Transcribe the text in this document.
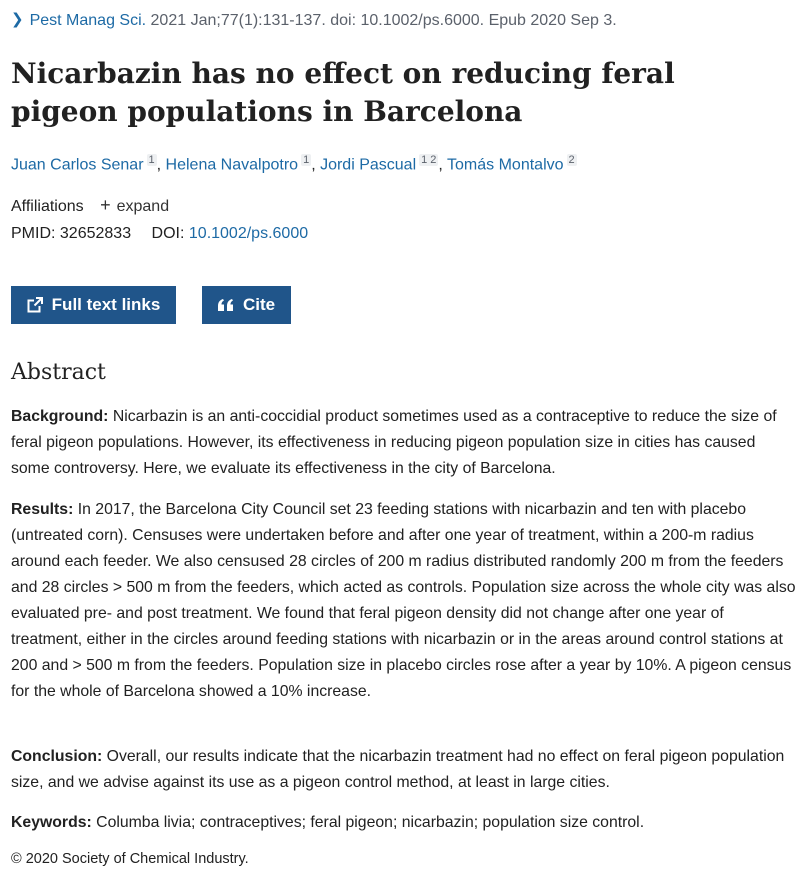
❯ Pest Manag Sci. 2021 Jan;77(1):131-137. doi: 10.1002/ps.6000. Epub 2020 Sep 3.
Nicarbazin has no effect on reducing feral pigeon populations in Barcelona
Juan Carlos Senar $^1$ , Helena Navalpotro $^1$ , Jordi Pascual $^{1 2}$ , Tomás Montalvo $^2$
Affiliations + expand
PMID: 32652833 DOI: 10.1002/ps.6000
Full text links	Cite
Abstract

Background: Nicarbazin is an anti-coccidial product sometimes used as a contraceptive to reduce the size of feral pigeon populations. However, its effectiveness in reducing pigeon population size in cities has caused some controversy. Here, we evaluate its effectiveness in the city of Barcelona.

Results: In 2017, the Barcelona City Council set 23 feeding stations with nicarbazin and ten with placebo (untreated corn). Censuses were undertaken before and after one year of treatment, within a 200-m radius around each feeder. We also censused 28 circles of 200 m radius distributed randomly 200 m from the feeders and 28 circles > 500 m from the feeders, which acted as controls. Population size across the whole city was also evaluated pre- and post treatment. We found that feral pigeon density did not change after one year of treatment, either in the circles around feeding stations with nicarbazin or in the areas around control stations at 200 and > 500 m from the feeders. Population size in placebo circles rose after a year by 10%. A pigeon census for the whole of Barcelona showed a 10% increase.

Conclusion: Overall, our results indicate that the nicarbazin treatment had no effect on feral pigeon population size, and we advise against its use as a pigeon control method, at least in large cities.

Keywords: Columba livia; contraceptives; feral pigeon; nicarbazin; population size control.

© 2020 Society of Chemical Industry.
